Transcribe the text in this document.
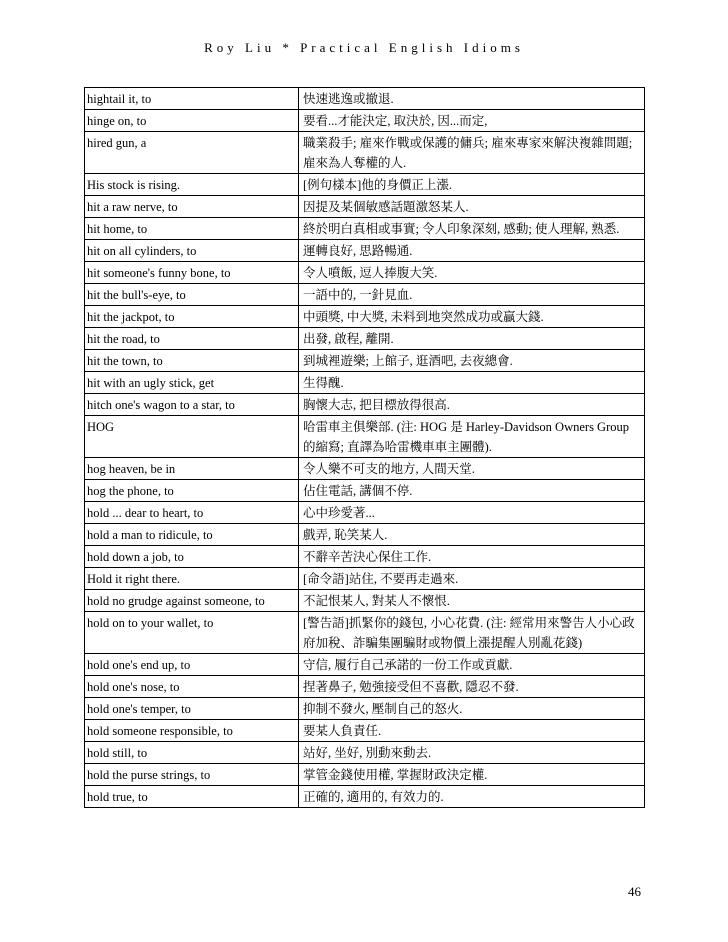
Roy Liu * Practical English Idioms
hightail it, to	快速逃逸或撤退.
hinge on, to	要看...才能決定, 取決於, 因...而定,
hired gun, a	職業殺手; 雇來作戰或保護的傭兵; 雇來專家來解決複雜問題; 雇來為人奪權的人.
His stock is rising.	[例句樣本]他的身價正上漲.
hit a raw nerve, to	因提及某個敏感話題激怒某人.
hit home, to	終於明白真相或事實; 令人印象深刻, 感動; 使人理解, 熟悉.
hit on all cylinders, to	運轉良好, 思路暢通.
hit someone's funny bone, to	令人噴飯, 逗人捧腹大笑.
hit the bull's-eye, to	一語中的, 一針見血.
hit the jackpot, to	中頭獎, 中大獎, 未料到地突然成功或贏大錢.
hit the road, to	出發, 啟程, 離開.
hit the town, to	到城裡遊樂; 上館子, 逛酒吧, 去夜總會.
hit with an ugly stick, get	生得醜.
hitch one's wagon to a star, to	胸懷大志, 把目標放得很高.
HOG	哈雷車主俱樂部. (注: HOG 是 Harley-Davidson Owners Group 的縮寫; 直譯為哈雷機車車主團體).
hog heaven, be in	令人樂不可支的地方, 人間天堂.
hog the phone, to	佔住電話, 講個不停.
hold ... dear to heart, to	心中珍愛著...
hold a man to ridicule, to	戲弄, 恥笑某人.
hold down a job, to	不辭辛苦決心保住工作.
Hold it right there.	[命令語]站住, 不要再走過來.
hold no grudge against someone, to	不記恨某人, 對某人不懷恨.
hold on to your wallet, to	[警告語]抓緊你的錢包, 小心花費. (注: 經常用來警告人小心政府加稅、詐騙集團騙財或物價上漲提醒人別亂花錢)
hold one's end up, to	守信, 履行自己承諾的一份工作或貢獻.
hold one's nose, to	捏著鼻子, 勉強接受但不喜歡, 隱忍不發.
hold one's temper, to	抑制不發火, 壓制自己的怒火.
hold someone responsible, to	要某人負責任.
hold still, to	站好, 坐好, 別動來動去.
hold the purse strings, to	掌管金錢使用權, 掌握財政決定權.
hold true, to	正確的, 適用的, 有效力的.
46
